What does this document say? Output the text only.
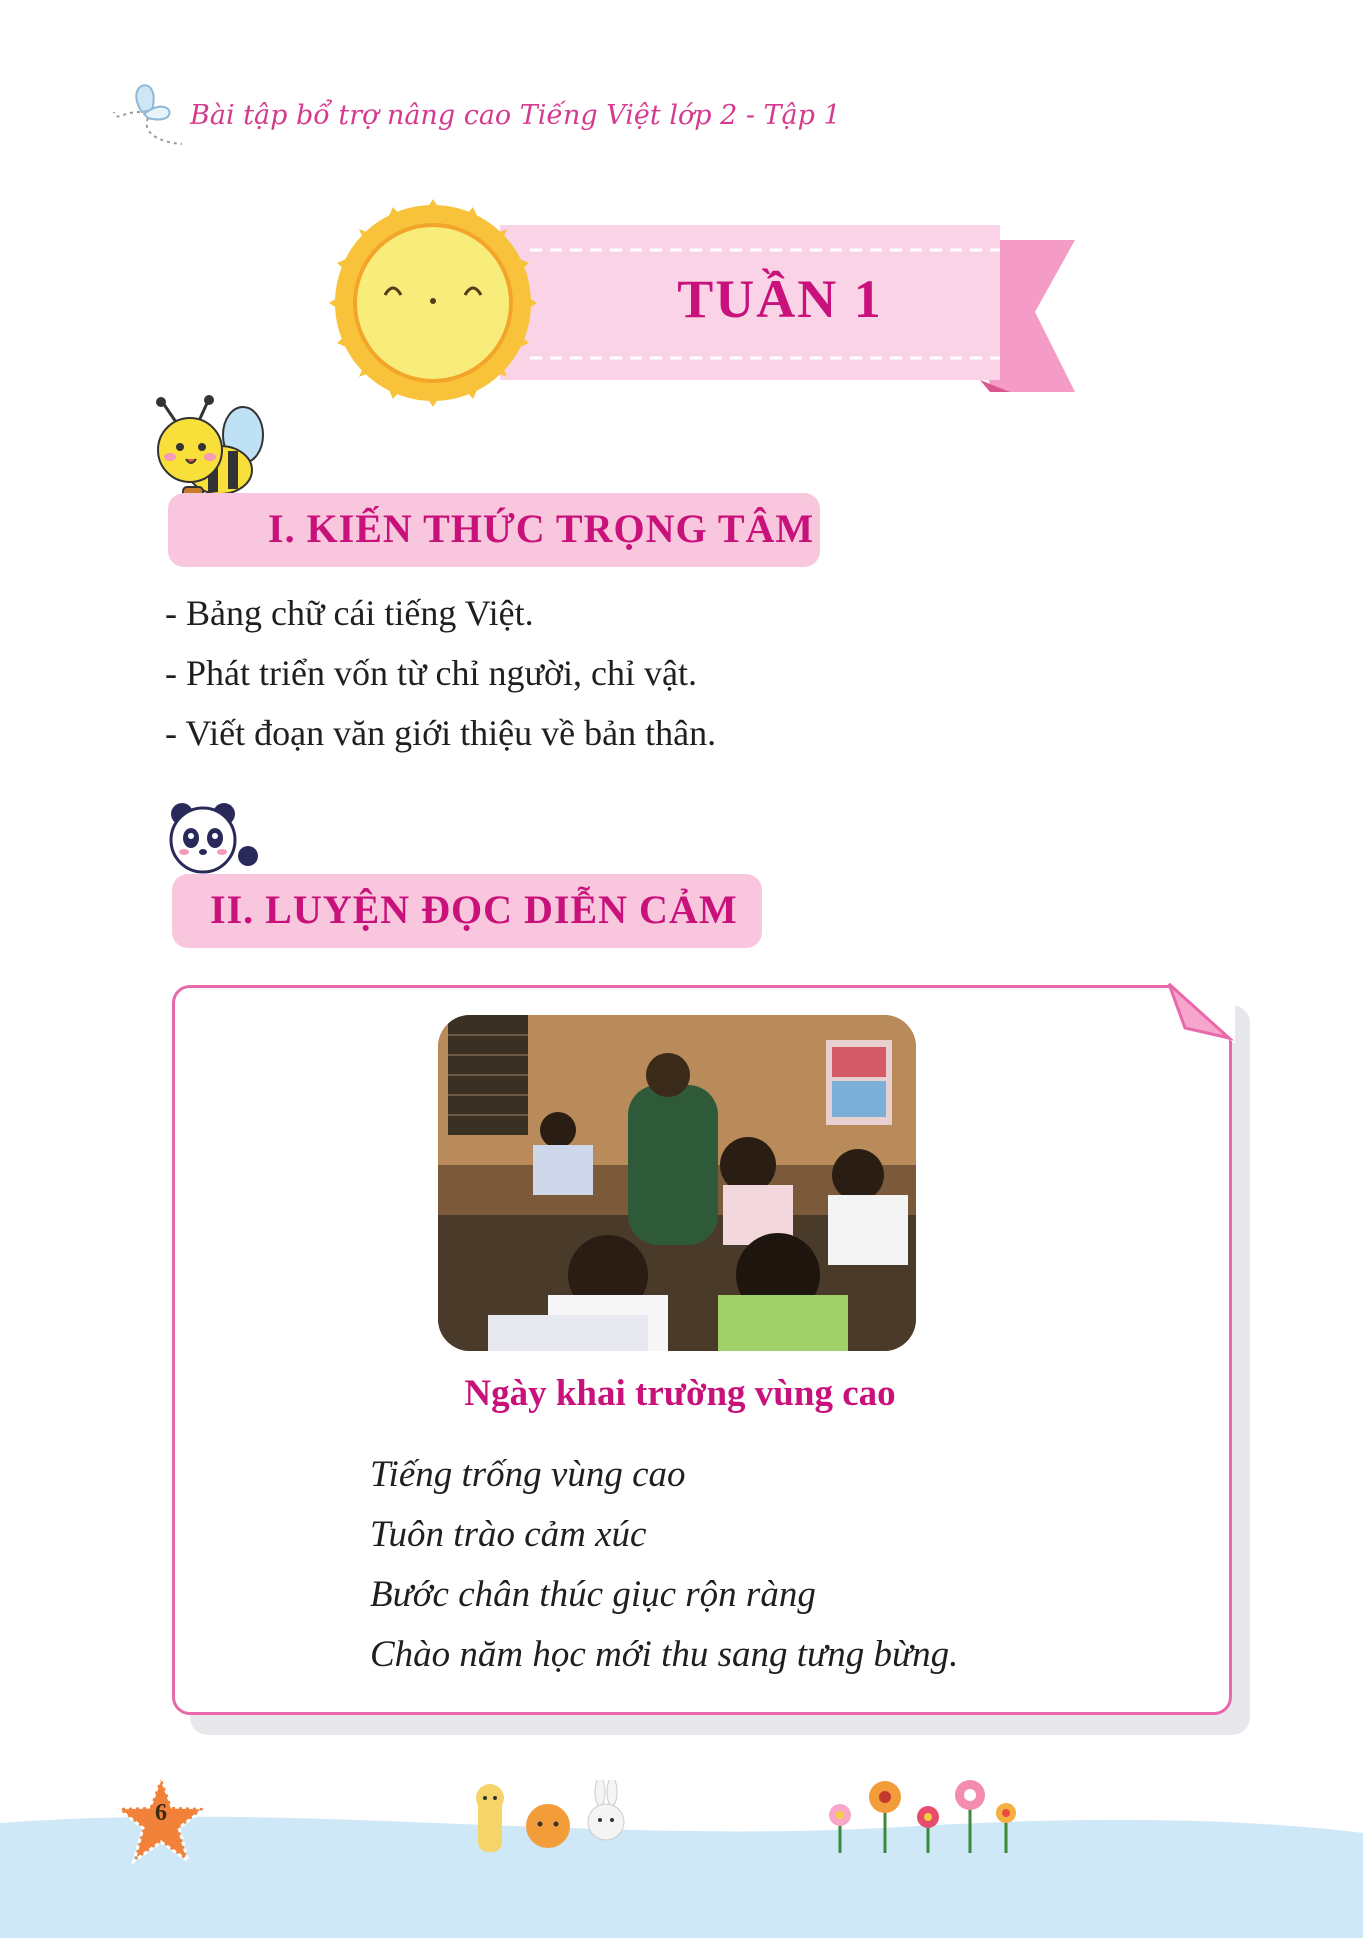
Bài tập bổ trợ nâng cao Tiếng Việt lớp 2 - Tập 1
TUẦN 1
I. KIẾN THỨC TRỌNG TÂM
- Bảng chữ cái tiếng Việt.
- Phát triển vốn từ chỉ người, chỉ vật.
- Viết đoạn văn giới thiệu về bản thân.
II. LUYỆN ĐỌC DIỄN CẢM
Ngày khai trường vùng cao
Tiếng trống vùng cao
Tuôn trào cảm xúc
Bước chân thúc giục rộn ràng
Chào năm học mới thu sang tưng bừng.
6
